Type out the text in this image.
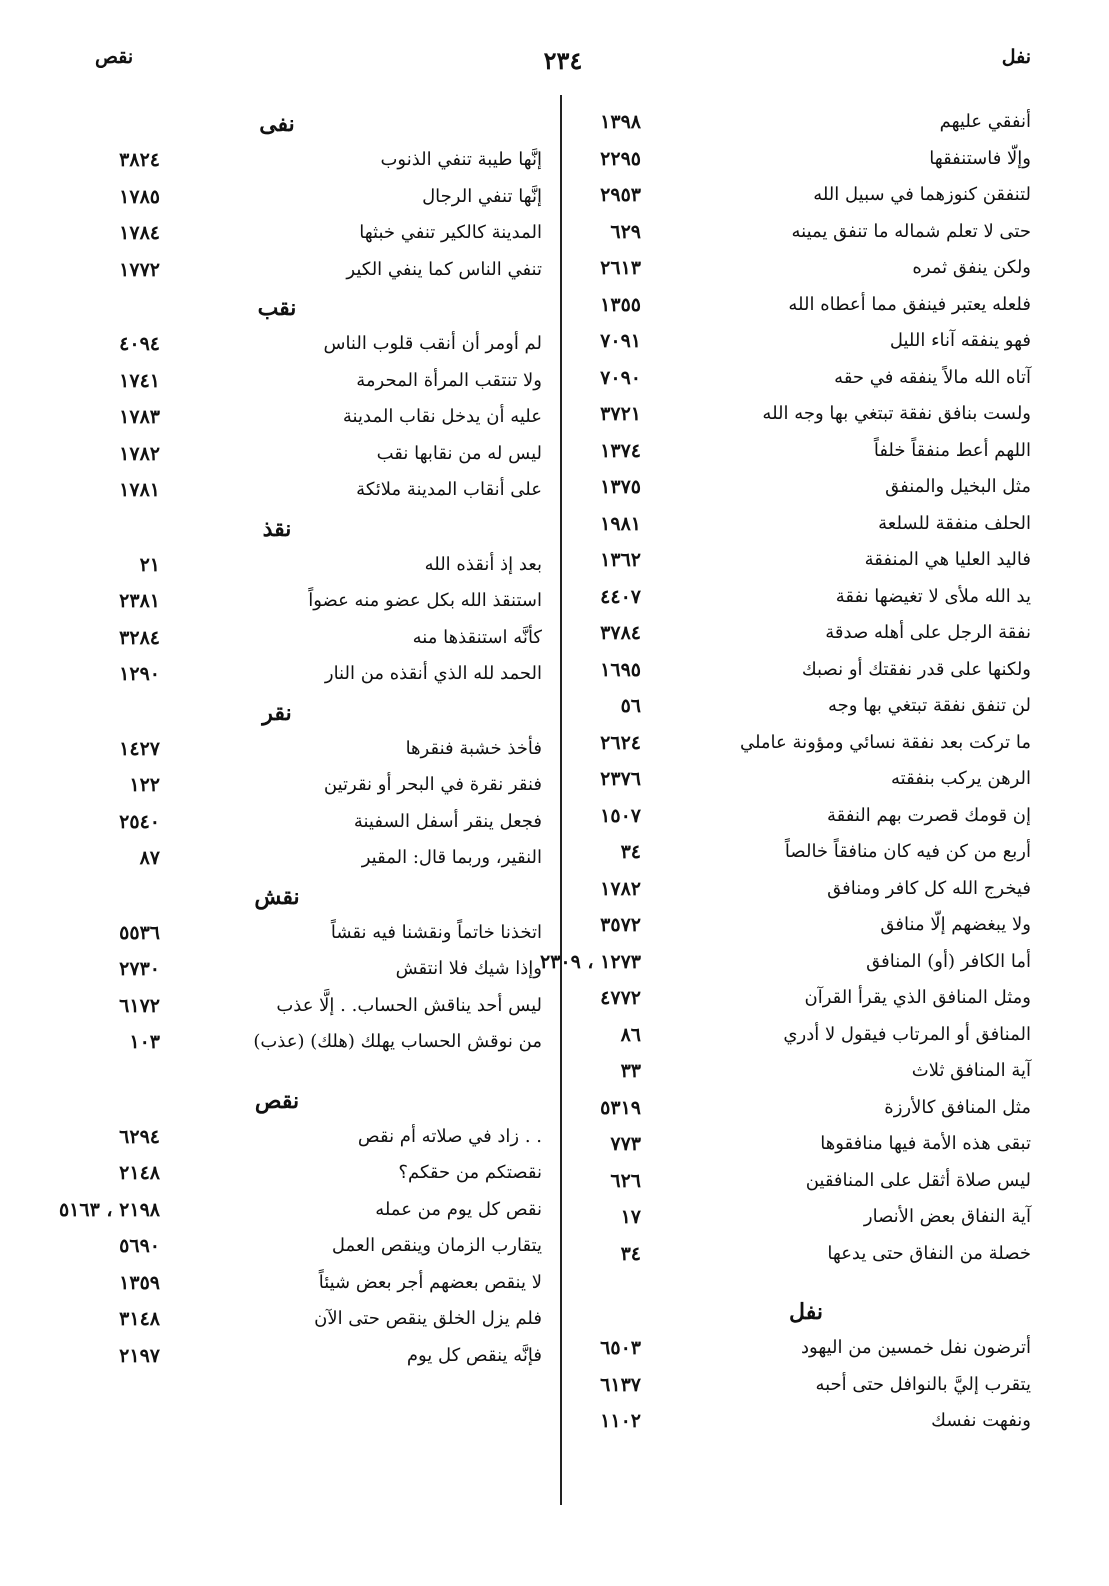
نفل
٢٣٤
نقص
أنفقي عليهم
١٣٩٨
وإلّا فاستنفقها
٢٢٩٥
لتنفقن كنوزهما في سبيل الله
٢٩٥٣
حتى لا تعلم شماله ما تنفق يمينه
٦٢٩
ولكن ينفق ثمره
٢٦١٣
فلعله يعتبر فينفق مما أعطاه الله
١٣٥٥
فهو ينفقه آناء الليل
٧٠٩١
آتاه الله مالاً ينفقه في حقه
٧٠٩٠
ولست بنافق نفقة تبتغي بها وجه الله
٣٧٢١
اللهم أعط منفقاً خلفاً
١٣٧٤
مثل البخيل والمنفق
١٣٧٥
الحلف منفقة للسلعة
١٩٨١
فاليد العليا هي المنفقة
١٣٦٢
يد الله ملأى لا تغيضها نفقة
٤٤٠٧
نفقة الرجل على أهله صدقة
٣٧٨٤
ولكنها على قدر نفقتك أو نصبك
١٦٩٥
لن تنفق نفقة تبتغي بها وجه
٥٦
ما تركت بعد نفقة نسائي ومؤونة عاملي
٢٦٢٤
الرهن يركب بنفقته
٢٣٧٦
إن قومك قصرت بهم النفقة
١٥٠٧
أربع من كن فيه كان منافقاً خالصاً
٣٤
فيخرج الله كل كافر ومنافق
١٧٨٢
ولا يبغضهم إلّا منافق
٣٥٧٢
أما الكافر (أو) المنافق
١٢٧٣ ، ٢٣٠٩
ومثل المنافق الذي يقرأ القرآن
٤٧٧٢
المنافق أو المرتاب فيقول لا أدري
٨٦
آية المنافق ثلاث
٣٣
مثل المنافق كالأرزة
٥٣١٩
تبقى هذه الأمة فيها منافقوها
٧٧٣
ليس صلاة أثقل على المنافقين
٦٢٦
آية النفاق بعض الأنصار
١٧
خصلة من النفاق حتى يدعها
٣٤
نفل
أترضون نفل خمسين من اليهود
٦٥٠٣
يتقرب إليَّ بالنوافل حتى أحبه
٦١٣٧
ونفهت نفسك
١١٠٢
نفى
إنَّها طيبة تنفي الذنوب
٣٨٢٤
إنَّها تنفي الرجال
١٧٨٥
المدينة كالكير تنفي خبثها
١٧٨٤
تنفي الناس كما ينفي الكير
١٧٧٢
نقب
لم أومر أن أنقب قلوب الناس
٤٠٩٤
ولا تنتقب المرأة المحرمة
١٧٤١
عليه أن يدخل نقاب المدينة
١٧٨٣
ليس له من نقابها نقب
١٧٨٢
على أنقاب المدينة ملائكة
١٧٨١
نقذ
بعد إذ أنقذه الله
٢١
استنقذ الله بكل عضو منه عضواً
٢٣٨١
كأنَّه استنقذها منه
٣٢٨٤
الحمد لله الذي أنقذه من النار
١٢٩٠
نقر
فأخذ خشبة فنقرها
١٤٢٧
فنقر نقرة في البحر أو نقرتين
١٢٢
فجعل ينقر أسفل السفينة
٢٥٤٠
النقير، وربما قال: المقير
٨٧
نقش
اتخذنا خاتماً ونقشنا فيه نقشاً
٥٥٣٦
وإذا شيك فلا انتقش
٢٧٣٠
ليس أحد يناقش الحساب. . إلَّا عذب
٦١٧٢
من نوقش الحساب يهلك (هلك) (عذب)
١٠٣
نقص
. . زاد في صلاته أم نقص
٦٢٩٤
نقصتكم من حقكم؟
٢١٤٨
نقص كل يوم من عمله
٢١٩٨ ، ٥١٦٣
يتقارب الزمان وينقص العمل
٥٦٩٠
لا ينقص بعضهم أجر بعض شيئاً
١٣٥٩
فلم يزل الخلق ينقص حتى الآن
٣١٤٨
فإنَّه ينقص كل يوم
٢١٩٧
